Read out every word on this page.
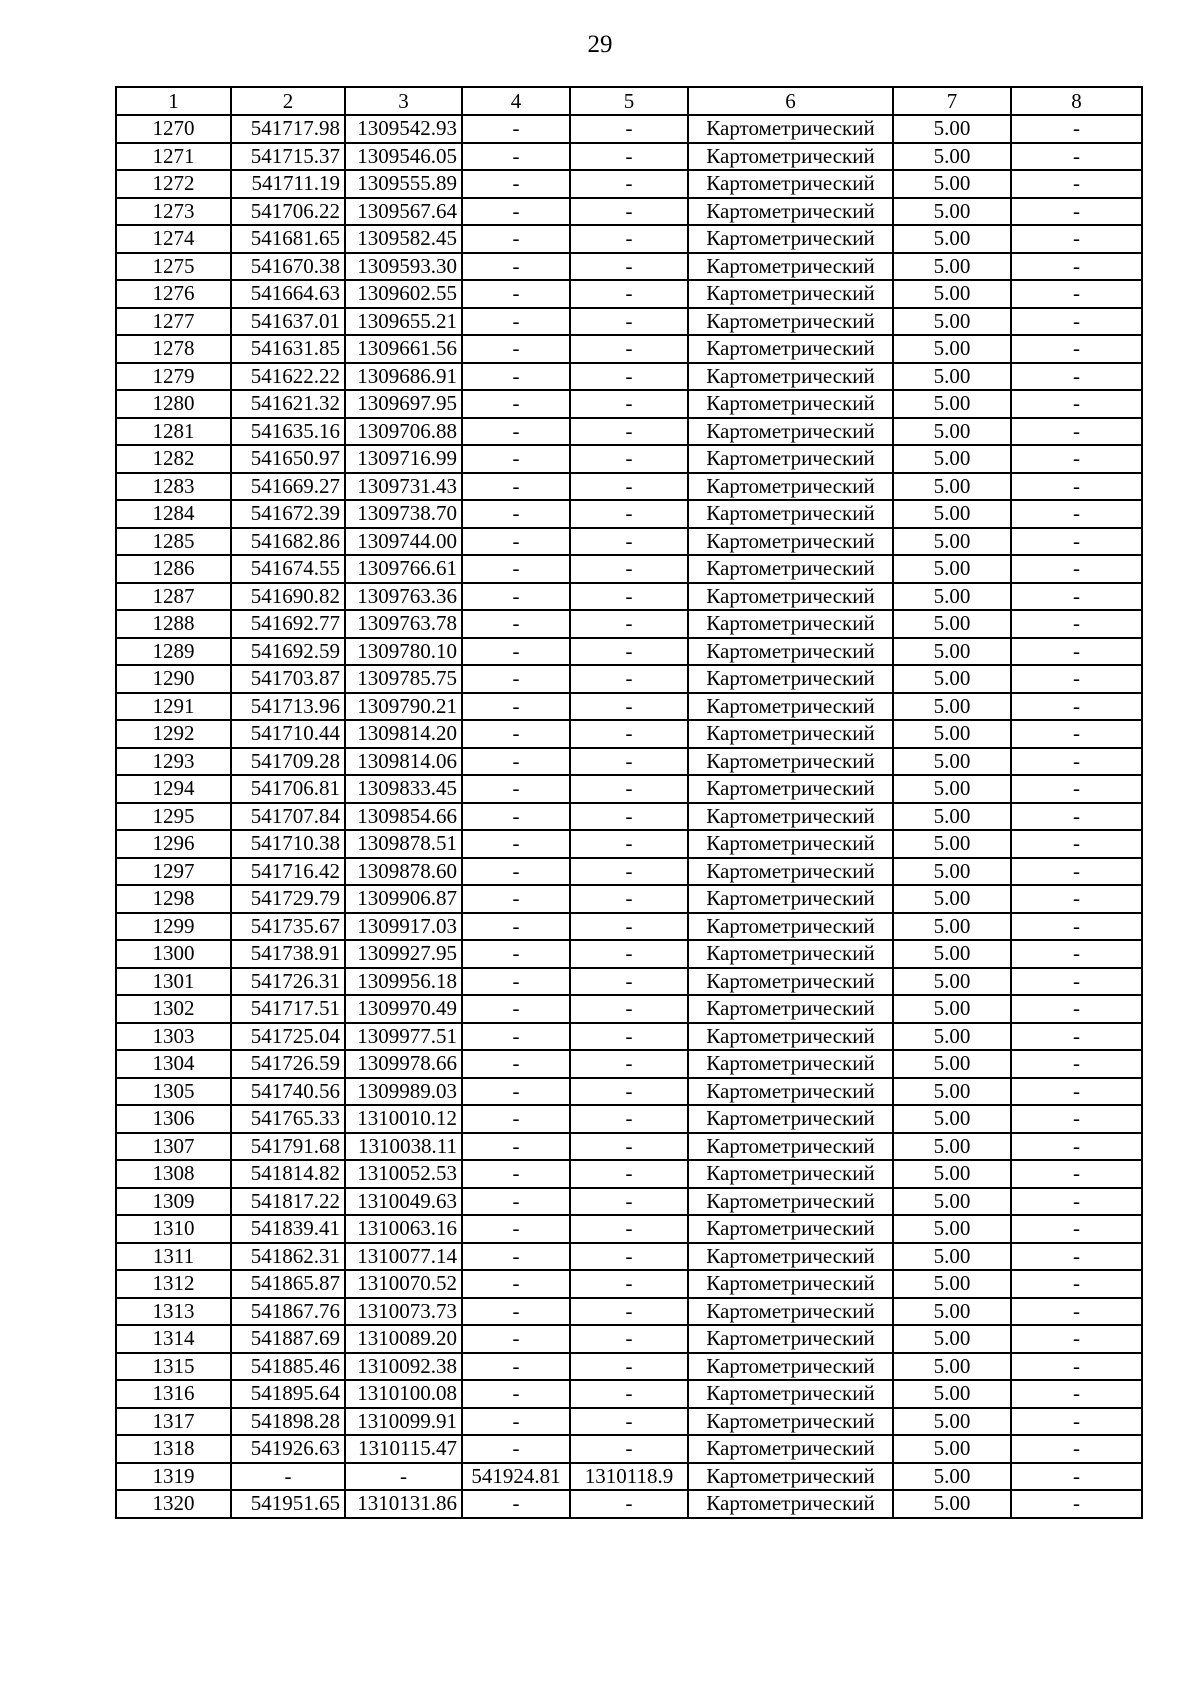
29
1	2	3	4	5	6	7	8
1270	541717.98	1309542.93	-	-	Картометрический	5.00	-
1271	541715.37	1309546.05	-	-	Картометрический	5.00	-
1272	541711.19	1309555.89	-	-	Картометрический	5.00	-
1273	541706.22	1309567.64	-	-	Картометрический	5.00	-
1274	541681.65	1309582.45	-	-	Картометрический	5.00	-
1275	541670.38	1309593.30	-	-	Картометрический	5.00	-
1276	541664.63	1309602.55	-	-	Картометрический	5.00	-
1277	541637.01	1309655.21	-	-	Картометрический	5.00	-
1278	541631.85	1309661.56	-	-	Картометрический	5.00	-
1279	541622.22	1309686.91	-	-	Картометрический	5.00	-
1280	541621.32	1309697.95	-	-	Картометрический	5.00	-
1281	541635.16	1309706.88	-	-	Картометрический	5.00	-
1282	541650.97	1309716.99	-	-	Картометрический	5.00	-
1283	541669.27	1309731.43	-	-	Картометрический	5.00	-
1284	541672.39	1309738.70	-	-	Картометрический	5.00	-
1285	541682.86	1309744.00	-	-	Картометрический	5.00	-
1286	541674.55	1309766.61	-	-	Картометрический	5.00	-
1287	541690.82	1309763.36	-	-	Картометрический	5.00	-
1288	541692.77	1309763.78	-	-	Картометрический	5.00	-
1289	541692.59	1309780.10	-	-	Картометрический	5.00	-
1290	541703.87	1309785.75	-	-	Картометрический	5.00	-
1291	541713.96	1309790.21	-	-	Картометрический	5.00	-
1292	541710.44	1309814.20	-	-	Картометрический	5.00	-
1293	541709.28	1309814.06	-	-	Картометрический	5.00	-
1294	541706.81	1309833.45	-	-	Картометрический	5.00	-
1295	541707.84	1309854.66	-	-	Картометрический	5.00	-
1296	541710.38	1309878.51	-	-	Картометрический	5.00	-
1297	541716.42	1309878.60	-	-	Картометрический	5.00	-
1298	541729.79	1309906.87	-	-	Картометрический	5.00	-
1299	541735.67	1309917.03	-	-	Картометрический	5.00	-
1300	541738.91	1309927.95	-	-	Картометрический	5.00	-
1301	541726.31	1309956.18	-	-	Картометрический	5.00	-
1302	541717.51	1309970.49	-	-	Картометрический	5.00	-
1303	541725.04	1309977.51	-	-	Картометрический	5.00	-
1304	541726.59	1309978.66	-	-	Картометрический	5.00	-
1305	541740.56	1309989.03	-	-	Картометрический	5.00	-
1306	541765.33	1310010.12	-	-	Картометрический	5.00	-
1307	541791.68	1310038.11	-	-	Картометрический	5.00	-
1308	541814.82	1310052.53	-	-	Картометрический	5.00	-
1309	541817.22	1310049.63	-	-	Картометрический	5.00	-
1310	541839.41	1310063.16	-	-	Картометрический	5.00	-
1311	541862.31	1310077.14	-	-	Картометрический	5.00	-
1312	541865.87	1310070.52	-	-	Картометрический	5.00	-
1313	541867.76	1310073.73	-	-	Картометрический	5.00	-
1314	541887.69	1310089.20	-	-	Картометрический	5.00	-
1315	541885.46	1310092.38	-	-	Картометрический	5.00	-
1316	541895.64	1310100.08	-	-	Картометрический	5.00	-
1317	541898.28	1310099.91	-	-	Картометрический	5.00	-
1318	541926.63	1310115.47	-	-	Картометрический	5.00	-
1319	-	-	541924.81	1310118.9	Картометрический	5.00	-
1320	541951.65	1310131.86	-	-	Картометрический	5.00	-
